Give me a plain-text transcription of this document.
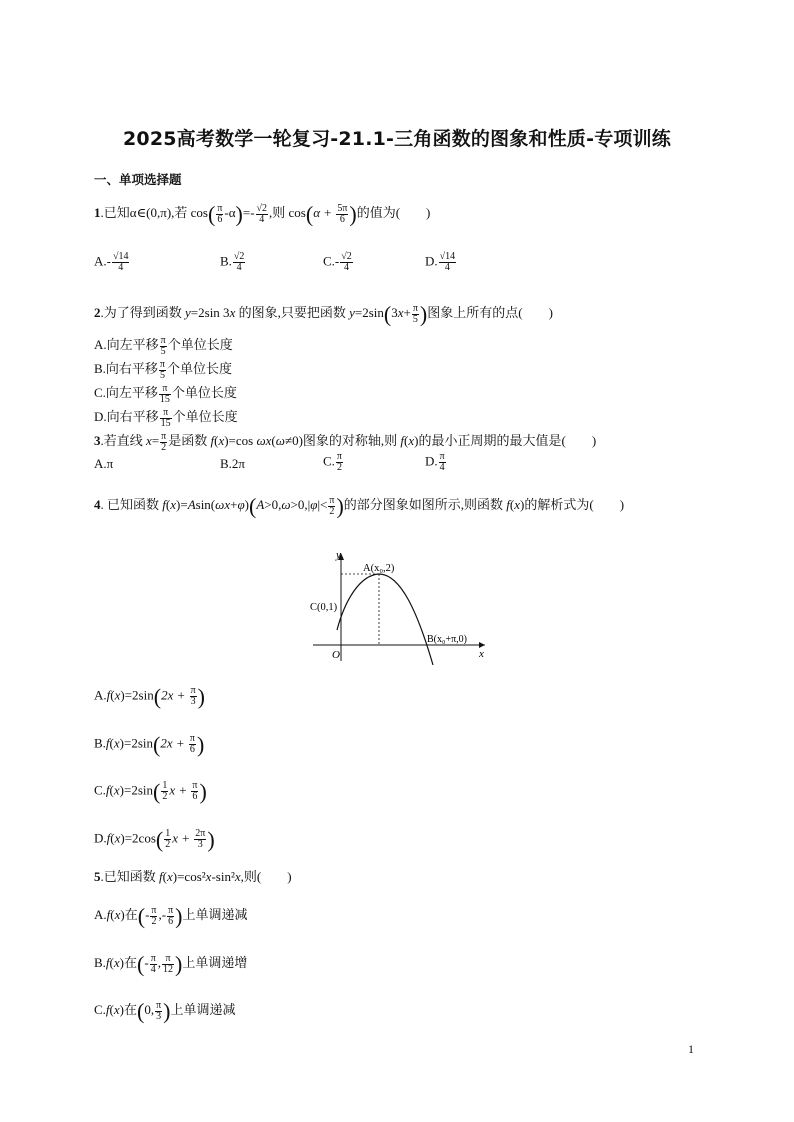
2025高考数学一轮复习-21.1-三角函数的图象和性质-专项训练
一、单项选择题
1.已知α∈(0,π),若 $\cos( \frac{\pi}{6} -\alpha)=- \frac{√2}{4}$ ,则 $\cos(\alpha + \frac{5\pi}{6}$ )的值为(　　)
$A.- \frac{√14}{4}$	B. $\frac{√2}{4}$	$C.- \frac{√2}{4}$	D. $\frac{√14}{4}$
2.为了得到函数 y=2sin 3x 的图象,只要把函数 $y=2\sin(3x+ \frac{\pi}{5}$ )图象上所有的点(　　)
A.向左平移 $\frac{\pi}{5}$ 个单位长度
B.向右平移 $\frac{\pi}{5}$ 个单位长度
C.向左平移 $\frac{\pi}{15}$ 个单位长度
D.向右平移 $\frac{\pi}{15}$ 个单位长度
3.若直线 $x= \frac{\pi}{2}$ 是函数 f(x)=cos ωx(ω≠0)图象的对称轴,则 f(x)的最小正周期的最大值是(　　)
A.π	B.2π	C. $\frac{\pi}{2}$	D. $\frac{\pi}{4}$
4. 已知函数 $f(x)=Asin(\omega x+\varphi)(A>0,\omega>0,|\varphi|< \frac{\pi}{2}$ )的部分图象如图所示,则函数 f(x)的解析式为(　　)
y
x
O
A(x₀,2)
C(0,1)
B(x₀+π,0)
$A.f(x)=2\sin(2x + \frac{\pi}{3}$ )
$B.f(x)=2\sin(2x + \frac{\pi}{6}$ )
$C.f(x)=2\sin( \frac{1}{2}$ $x + \frac{\pi}{6}$ )
$D.f(x)=2\cos( \frac{1}{2}$ $x + \frac{2\pi}{3}$ )
5.已知函数 f(x)=cos²x-sin²x,则(　　)
A.f(x)在(- $\frac{\pi}{2}$ ,- $\frac{\pi}{6}$ )上单调递减
B.f(x)在(- $\frac{\pi}{4}$ , $\frac{\pi}{12}$ )上单调递增
C.f(x)在(0, $\frac{\pi}{3}$ )上单调递减
1
